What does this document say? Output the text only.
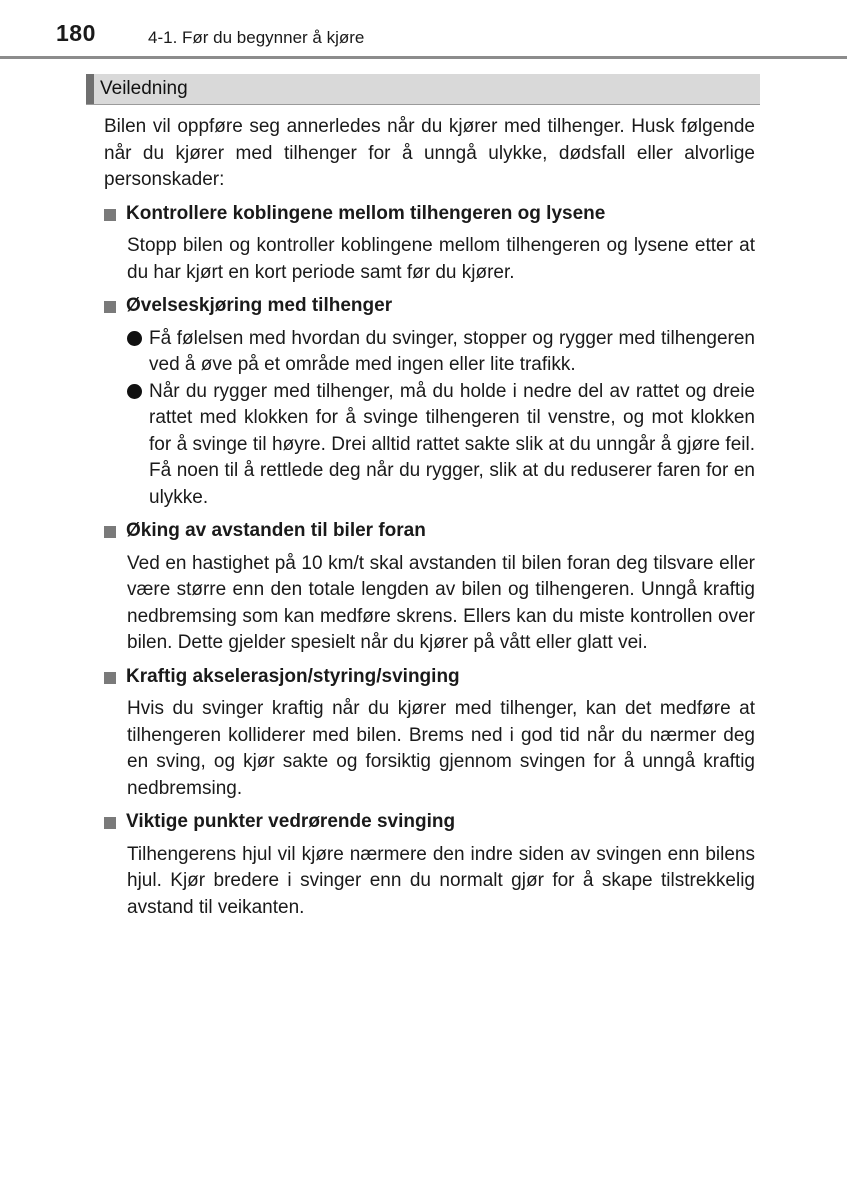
180	4-1. Før du begynner å kjøre
Veiledning

Bilen vil oppføre seg annerledes når du kjører med tilhenger. Husk følgende når du kjører med tilhenger for å unngå ulykke, dødsfall eller alvorlige personskader:

Kontrollere koblingene mellom tilhengeren og lysene

Stopp bilen og kontroller koblingene mellom tilhengeren og lysene etter at du har kjørt en kort periode samt før du kjører.

Øvelseskjøring med tilhenger
Få følelsen med hvordan du svinger, stopper og rygger med tilhengeren ved å øve på et område med ingen eller lite trafikk.
Når du rygger med tilhenger, må du holde i nedre del av rattet og dreie rattet med klokken for å svinge tilhengeren til venstre, og mot klokken for å svinge til høyre. Drei alltid rattet sakte slik at du unngår å gjøre feil. Få noen til å rettlede deg når du rygger, slik at du reduserer faren for en ulykke.
Øking av avstanden til biler foran

Ved en hastighet på 10 km/t skal avstanden til bilen foran deg tilsvare eller være større enn den totale lengden av bilen og tilhengeren. Unngå kraftig nedbremsing som kan medføre skrens. Ellers kan du miste kontrollen over bilen. Dette gjelder spesielt når du kjører på vått eller glatt vei.

Kraftig akselerasjon/styring/svinging

Hvis du svinger kraftig når du kjører med tilhenger, kan det medføre at tilhengeren kolliderer med bilen. Brems ned i god tid når du nærmer deg en sving, og kjør sakte og forsiktig gjennom svingen for å unngå kraftig nedbremsing.

Viktige punkter vedrørende svinging

Tilhengerens hjul vil kjøre nærmere den indre siden av svingen enn bilens hjul. Kjør bredere i svinger enn du normalt gjør for å skape tilstrekkelig avstand til veikanten.
